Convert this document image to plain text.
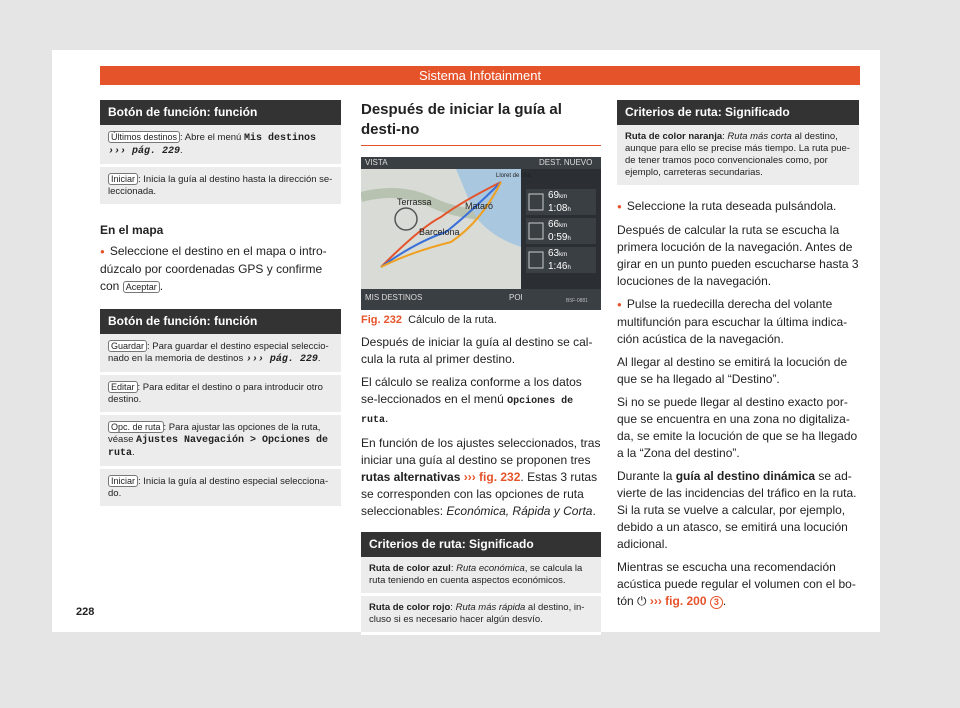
Sistema Infotainment
Botón de función: función
Últimos destinos : Abre el menú Mis destinos
››› pág. 229.
Iniciar : Inicia la guía al destino hasta la dirección se-leccionada.
En el mapa

● Seleccione el destino en el mapa o intro-dúzcalo por coordenadas GPS y confirme con Aceptar .

Botón de función: función
Guardar : Para guardar el destino especial seleccio-nado en la memoria de destinos ››› pág. 229.
Editar : Para editar el destino o para introducir otro destino.
Opc. de ruta : Para ajustar las opciones de la ruta, véase Ajustes Navegación > Opciones de ruta.
Iniciar : Inicia la guía al destino especial selecciona-do.
Después de iniciar la guía al desti-no
VISTA	DEST. NUEVO
MIS DESTINOS	POI	B5F-0881
Terrassa	Mataró
Barcelona
Lloret de Mar
69km
1:08h
66km
0:59h
63km
1:46h
Fig. 232 Cálculo de la ruta.

Después de iniciar la guía al destino se cal-cula la ruta al primer destino.

El cálculo se realiza conforme a los datos se-leccionados en el menú Opciones de ruta.

En función de los ajustes seleccionados, tras iniciar una guía al destino se proponen tres rutas alternativas ››› fig. 232. Estas 3 rutas se corresponden con las opciones de ruta seleccionables: Económica, Rápida y Corta.

Criterios de ruta: Significado
Ruta de color azul: Ruta económica, se calcula la ruta teniendo en cuenta aspectos económicos.
Ruta de color rojo: Ruta más rápida al destino, in-cluso si es necesario hacer algún desvío.
Criterios de ruta: Significado
Ruta de color naranja: Ruta más corta al destino, aunque para ello se precise más tiempo. La ruta pue-de tener tramos poco convencionales como, por ejemplo, carreteras secundarias.

● Seleccione la ruta deseada pulsándola.

Después de calcular la ruta se escucha la primera locución de la navegación. Antes de girar en un punto pueden escucharse hasta 3 locuciones de la navegación.

● Pulse la ruedecilla derecha del volante multifunción para escuchar la última indica-ción acústica de la navegación.

Al llegar al destino se emitirá la locución de que se ha llegado al “Destino”.

Si no se puede llegar al destino exacto por-que se encuentra en una zona no digitaliza-da, se emite la locución de que se ha llegado a la “Zona del destino”.

Durante la guía al destino dinámica se ad-vierte de las incidencias del tráfico en la ruta. Si la ruta se vuelve a calcular, por ejemplo, debido a un atasco, se emitirá una locución adicional.

Mientras se escucha una recomendación acústica puede regular el volumen con el bo-tón ⏻ ››› fig. 200 3 .

228
